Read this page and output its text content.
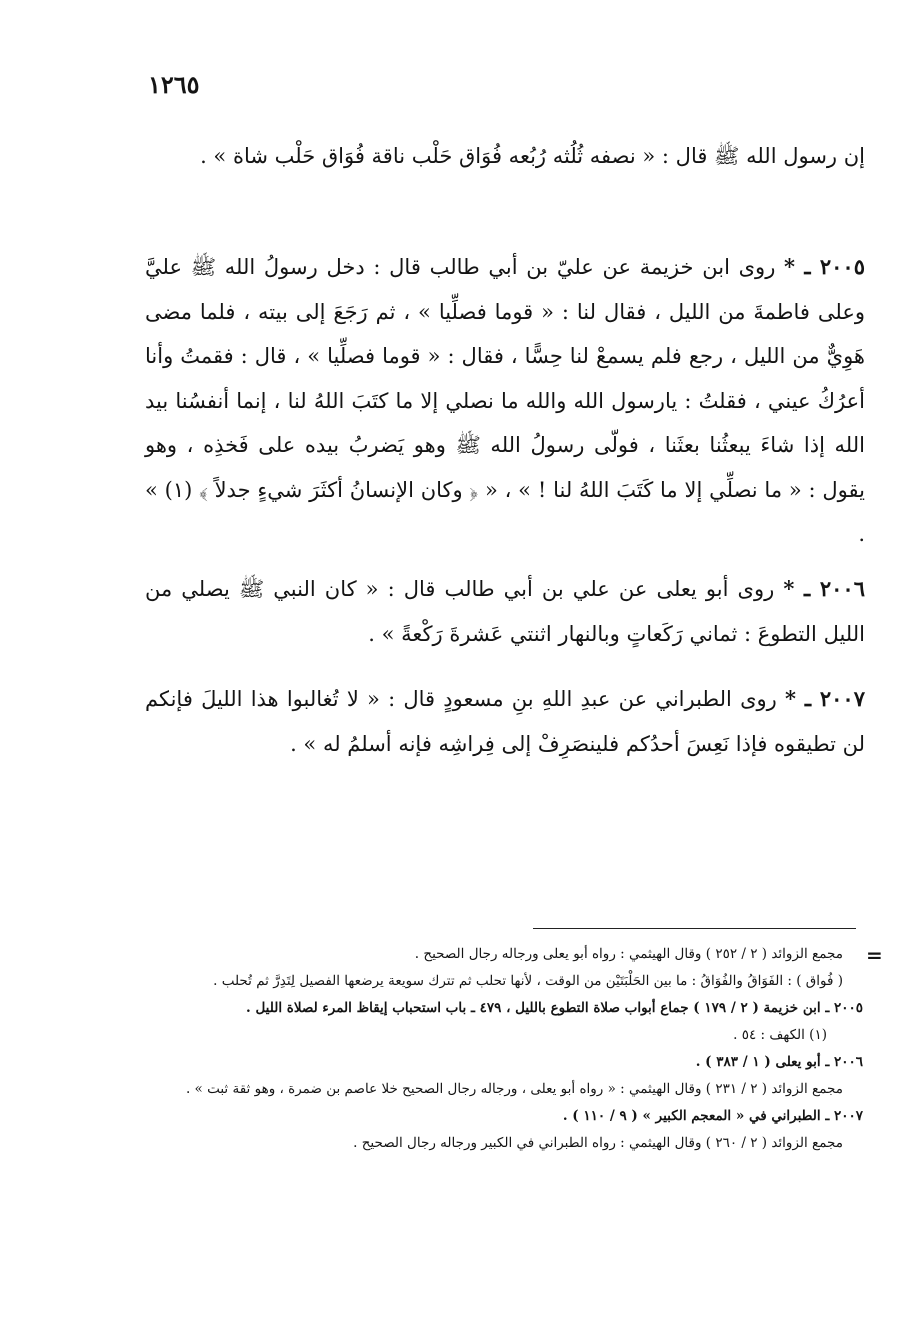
١٢٦٥

إن رسول الله ﷺ قال : « نصفه ثُلُثه رُبُعه فُوَاق حَلْب ناقة فُوَاق حَلْب شاة » .

٢٠٠٥ ـ * روى ابن خزيمة عن عليّ بن أبي طالب قال : دخل رسولُ الله ﷺ عليَّ وعلى فاطمةَ من الليل ، فقال لنا : « قوما فصلِّيا » ، ثم رَجَعَ إلى بيته ، فلما مضى هَوِيٌّ من الليل ، رجع فلم يسمعْ لنا حِسًّا ، فقال : « قوما فصلِّيا » ، قال : فقمتُ وأنا أعرُكُ عيني ، فقلتُ : يارسول الله والله ما نصلي إلا ما كتَبَ اللهُ لنا ، إنما أنفسُنا بيد الله إذا شاءَ يبعثُنا بعثَنا ، فولّى رسولُ الله ﷺ وهو يَضربُ بيده على فَخذِه ، وهو يقول : « ما نصلِّي إلا ما كَتَبَ اللهُ لنا ! » ، « ﴿ وكان الإنسانُ أكثَرَ شيءٍ جدلاً ﴾ (١) » .

٢٠٠٦ ـ * روى أبو يعلى عن علي بن أبي طالب قال : « كان النبي ﷺ يصلي من الليل التطوعَ : ثماني رَكَعاتٍ وبالنهار اثنتي عَشرةَ رَكْعةً » .

٢٠٠٧ ـ * روى الطبراني عن عبدِ اللهِ بنِ مسعودٍ قال : « لا تُغالبوا هذا الليلَ فإنكم لن تطيقوه فإذا نَعِسَ أحدُكم فلينصَرِفْ إلى فِراشِه فإنه أسلمُ له » .

=

مجمع الزوائد ( ٢ / ٢٥٢ ) وقال الهيثمي : رواه أبو يعلى ورجاله رجال الصحيح .

( فُواق ) : الفَوَاقُ والفُوَاقُ : ما بين الحَلْبَتَيْن من الوقت ، لأنها تحلب ثم تترك سويعة يرضعها الفصيل لِتَدِرَّ ثم تُحلب .

٢٠٠٥ ـ ابن خزيمة ( ٢ / ١٧٩ ) جماع أبواب صلاة التطوع بالليل ، ٤٧٩ ـ باب استحباب إيقاظ المرء لصلاة الليل .

(١) الكهف : ٥٤ .

٢٠٠٦ ـ أبو يعلى ( ١ / ٣٨٣ ) .

مجمع الزوائد ( ٢ / ٢٣١ ) وقال الهيثمي : « رواه أبو يعلى ، ورجاله رجال الصحيح خلا عاصم بن ضمرة ، وهو ثقة ثبت » .

٢٠٠٧ ـ الطبراني في « المعجم الكبير » ( ٩ / ١١٠ ) .

مجمع الزوائد ( ٢ / ٢٦٠ ) وقال الهيثمي : رواه الطبراني في الكبير ورجاله رجال الصحيح .
